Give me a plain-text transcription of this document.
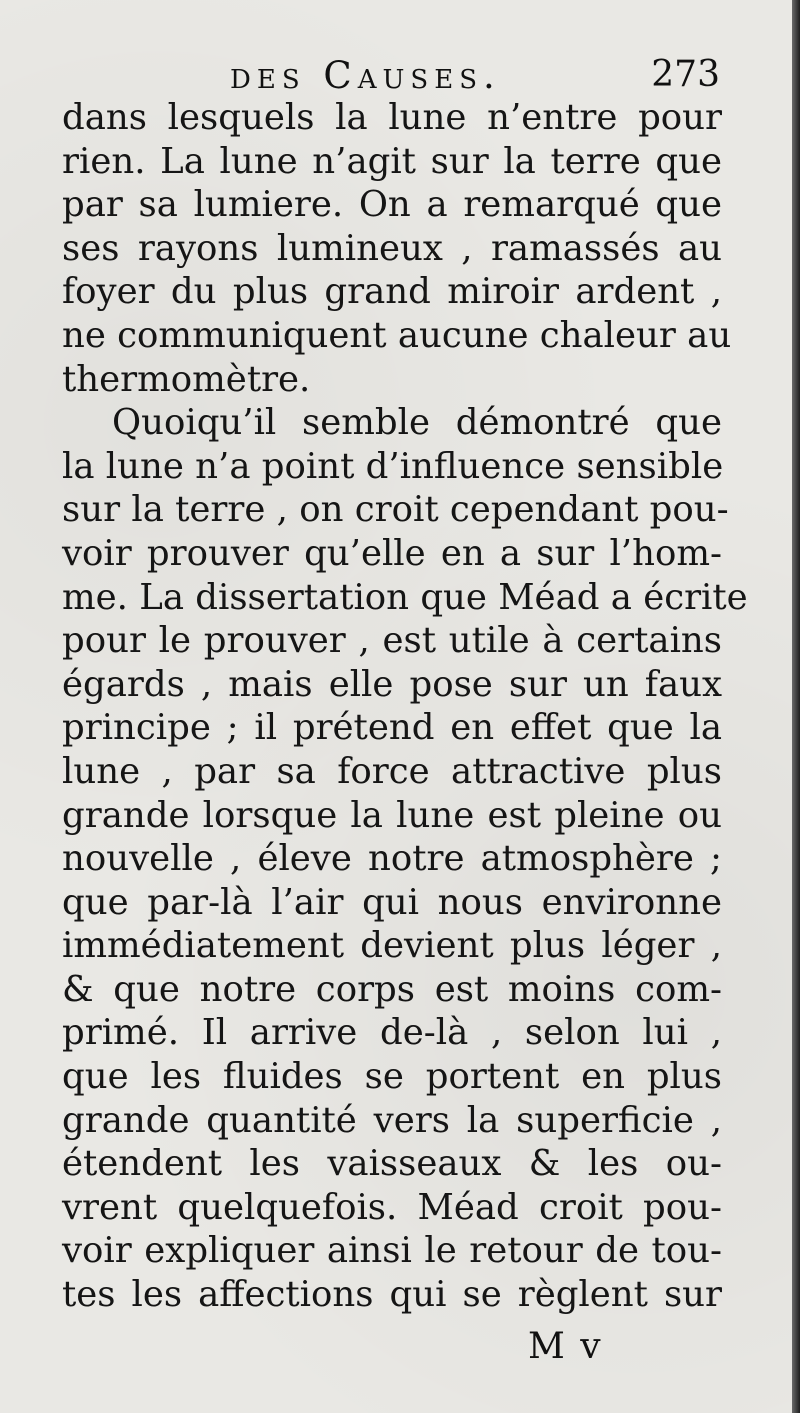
des Causes.	273
dans lesquels la lune n’entre pour
rien. La lune n’agit sur la terre que
par sa lumiere. On a remarqué que
ses rayons lumineux , ramassés au
foyer du plus grand miroir ardent ,
ne communiquent aucune chaleur au
thermomètre.
Quoiqu’il semble démontré que
la lune n’a point d’influence sensible
sur la terre , on croit cependant pou-
voir prouver qu’elle en a sur l’hom-
me. La dissertation que Méad a écrite
pour le prouver , est utile à certains
égards , mais elle pose sur un faux
principe ; il prétend en effet que la
lune , par sa force attractive plus
grande lorsque la lune est pleine ou
nouvelle , éleve notre atmosphère ;
que par-là l’air qui nous environne
immédiatement devient plus léger ,
& que notre corps est moins com-
primé. Il arrive de-là , selon lui ,
que les fluides se portent en plus
grande quantité vers la superficie ,
étendent les vaisseaux & les ou-
vrent quelquefois. Méad croit pou-
voir expliquer ainsi le retour de tou-
tes les affections qui se règlent sur
M v
